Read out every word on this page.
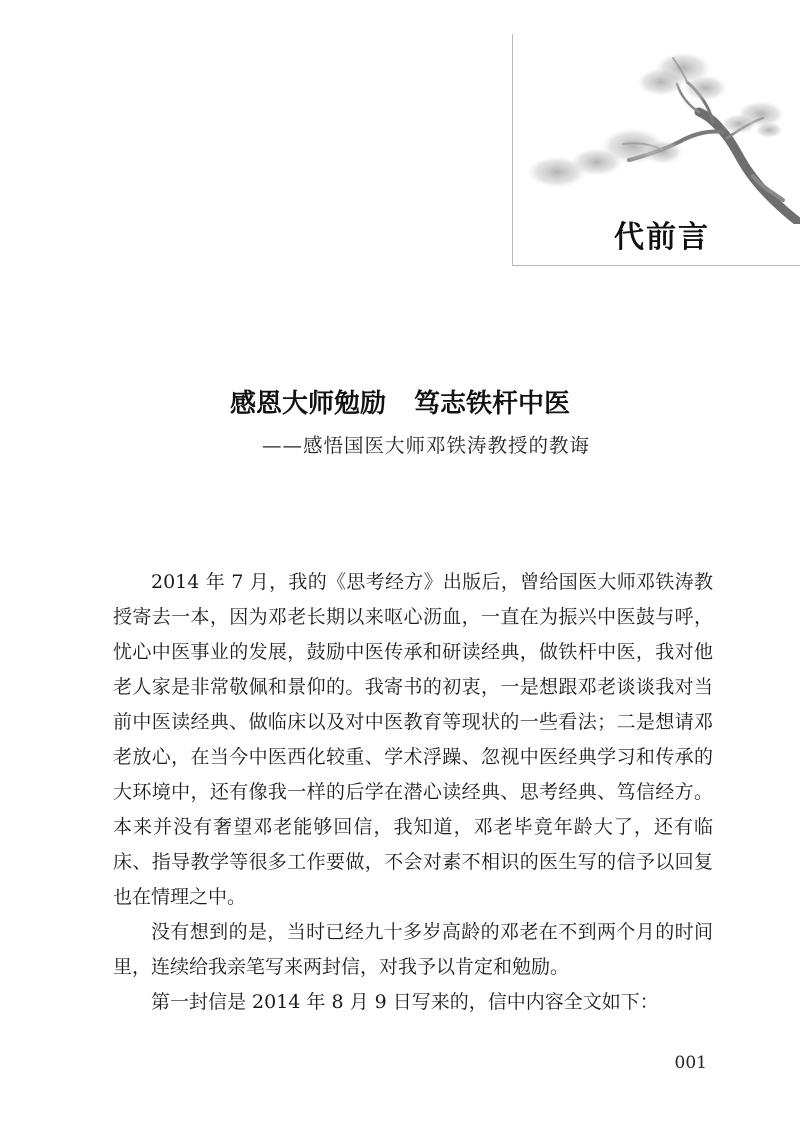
代前言
感恩大师勉励 笃志铁杆中医
——感悟国医大师邓铁涛教授的教诲

2014 年 7 月，我的《思考经方》出版后，曾给国医大师邓铁涛教授寄去一本，因为邓老长期以来呕心沥血，一直在为振兴中医鼓与呼，忧心中医事业的发展，鼓励中医传承和研读经典，做铁杆中医，我对他老人家是非常敬佩和景仰的。我寄书的初衷，一是想跟邓老谈谈我对当前中医读经典、做临床以及对中医教育等现状的一些看法；二是想请邓老放心，在当今中医西化较重、学术浮躁、忽视中医经典学习和传承的大环境中，还有像我一样的后学在潜心读经典、思考经典、笃信经方。本来并没有奢望邓老能够回信，我知道，邓老毕竟年龄大了，还有临床、指导教学等很多工作要做，不会对素不相识的医生写的信予以回复也在情理之中。

没有想到的是，当时已经九十多岁高龄的邓老在不到两个月的时间里，连续给我亲笔写来两封信，对我予以肯定和勉励。

第一封信是 2014 年 8 月 9 日写来的，信中内容全文如下：

001
